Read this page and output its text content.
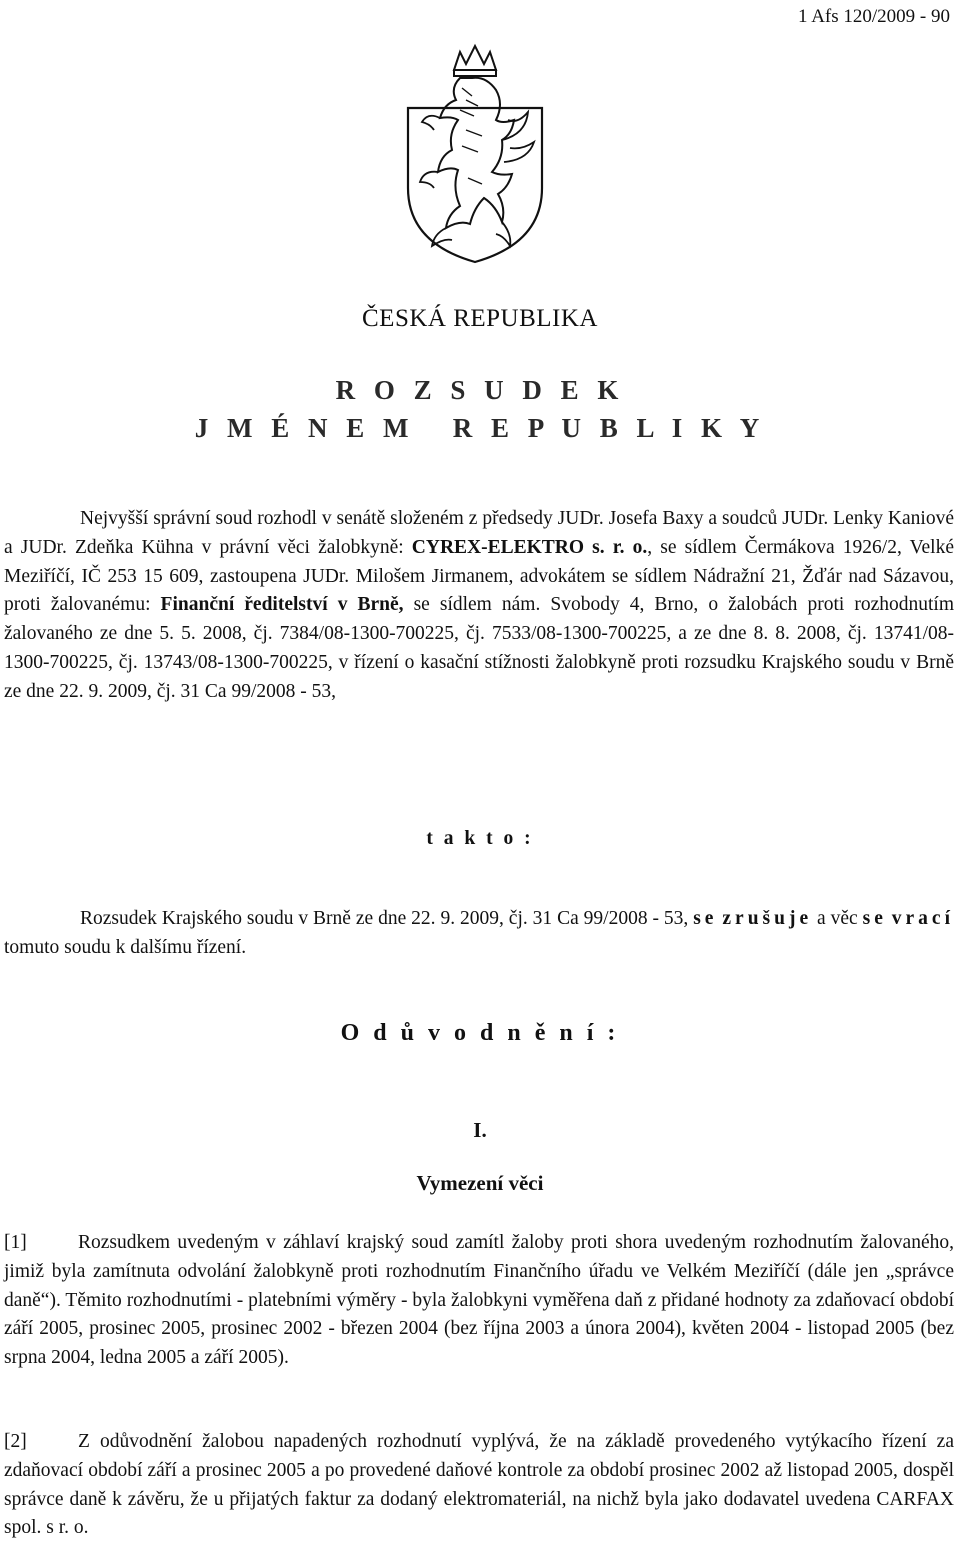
1 Afs 120/2009 - 90
ČESKÁ REPUBLIKA
R O Z S U D E K
J M É N E M   R E P U B L I K Y

Nejvyšší správní soud rozhodl v senátě složeném z předsedy JUDr. Josefa Baxy a soudců JUDr. Lenky Kaniové a JUDr. Zdeňka Kühna v právní věci žalobkyně: CYREX-ELEKTRO s. r. o., se sídlem Čermákova 1926/2, Velké Meziříčí, IČ 253 15 609, zastoupena JUDr. Milošem Jirmanem, advokátem se sídlem Nádražní 21, Žďár nad Sázavou, proti žalovanému: Finanční ředitelství v Brně, se sídlem nám. Svobody 4, Brno, o žalobách proti rozhodnutím žalovaného ze dne 5. 5. 2008, čj. 7384/08-1300-700225, čj. 7533/08-1300-700225, a ze dne 8. 8. 2008, čj. 13741/08-1300-700225, čj. 13743/08-1300-700225, v řízení o kasační stížnosti žalobkyně proti rozsudku Krajského soudu v Brně ze dne 22. 9. 2009, čj. 31 Ca 99/2008 - 53,

t a k t o :

Rozsudek Krajského soudu v Brně ze dne 22. 9. 2009, čj. 31 Ca 99/2008 - 53, se zrušuje a věc se vrací tomuto soudu k dalšímu řízení.

O d ů v o d n ě n í :
I.
Vymezení věci

[1]	Rozsudkem uvedeným v záhlaví krajský soud zamítl žaloby proti shora uvedeným rozhodnutím žalovaného, jimiž byla zamítnuta odvolání žalobkyně proti rozhodnutím Finančního úřadu ve Velkém Meziříčí (dále jen „správce daně“). Těmito rozhodnutími - platebními výměry - byla žalobkyni vyměřena daň z přidané hodnoty za zdaňovací období září 2005, prosinec 2005, prosinec 2002 - březen 2004 (bez října 2003 a února 2004), květen 2004 - listopad 2005 (bez srpna 2004, ledna 2005 a září 2005).

[2]	Z odůvodnění žalobou napadených rozhodnutí vyplývá, že na základě provedeného vytýkacího řízení za zdaňovací období září a prosinec 2005 a po provedené daňové kontrole za období prosinec 2002 až listopad 2005, dospěl správce daně k závěru, že u přijatých faktur za dodaný elektromateriál, na nichž byla jako dodavatel uvedena CARFAX spol. s r. o.
